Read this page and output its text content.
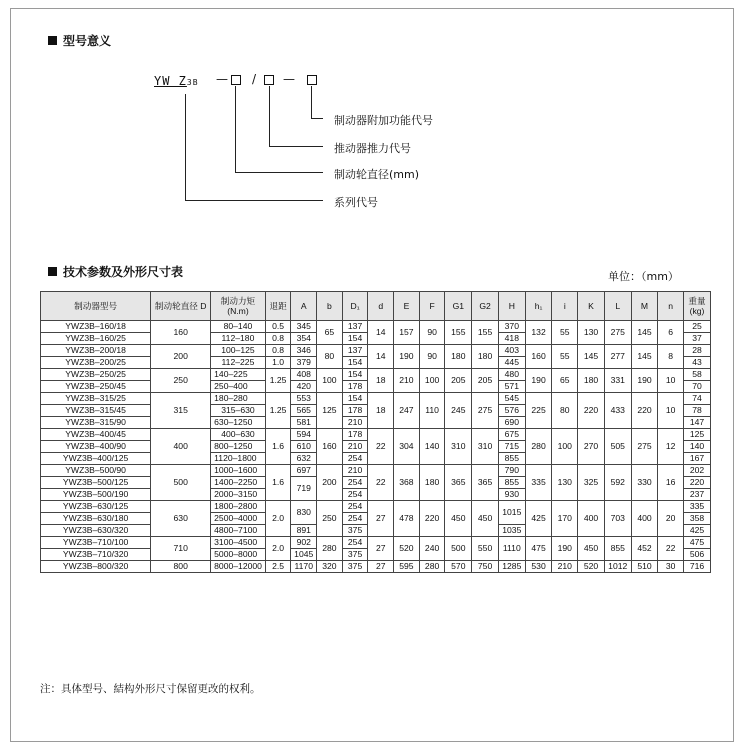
型号意义
YW Z3B — / —
制动器附加功能代号
推动器推力代号
制动轮直径(mm)
系列代号
技术参数及外形尺寸表	单位：（mm）
制动器型号	制动轮直径 D	制动力矩 (N.m)	退距	A	b	D₁	d	E	F	G1	G2	H	h₁	i	K	L	M	n	重量 (kg)
YWZ3B–160/18	160	80–140	0.5	345	65	137	14	157	90	155	155	370	132	55	130	275	145	6	25
YWZ3B–160/25		112–180	0.8	354		154						418							37
YWZ3B–200/18	200	100–125	0.8	346	80	137	14	190	90	180	180	403	160	55	145	277	145	8	28
YWZ3B–200/25		112–225	1.0	379		154						445							43
YWZ3B–250/25	250	140–225	1.25	408	100	154	18	210	100	205	205	480	190	65	180	331	190	10	58
YWZ3B–250/45		250–400		420		178						571							70
YWZ3B–315/25	315	180–280	1.25	553	125	154	18	247	110	245	275	545	225	80	220	433	220	10	74
YWZ3B–315/45		315–630		565		178						576							78
YWZ3B–315/90		630–1250		581		210						690							147
YWZ3B–400/45	400	400–630	1.6	594	160	178	22	304	140	310	310	675	280	100	270	505	275	12	125
YWZ3B–400/90		800–1250		610		210						715							140
YWZ3B–400/125		1120–1800		632		254						855							167
YWZ3B–500/90	500	1000–1600	1.6	697	200	210	22	368	180	365	365	790	335	130	325	592	330	16	202
YWZ3B–500/125		1400–2250		719		254						855							220
YWZ3B–500/190		2000–3150				254						930							237
YWZ3B–630/125	630	1800–2800	2.0	830	250	254	27	478	220	450	450	1015	425	170	400	703	400	20	335
YWZ3B–630/180		2500–4000				254													358
YWZ3B–630/320		4800–7100		891		375						1035							425
YWZ3B–710/100	710	3100–4500	2.0	902	280	254	27	520	240	500	550	1110	475	190	450	855	452	22	475
YWZ3B–710/320		5000–8000		1045		375													506
YWZ3B–800/320	800	8000–12000	2.5	1170	320	375	27	595	280	570	750	1285	530	210	520	1012	510	30	716
注：具体型号、結构外形尺寸保留更改的权利。
